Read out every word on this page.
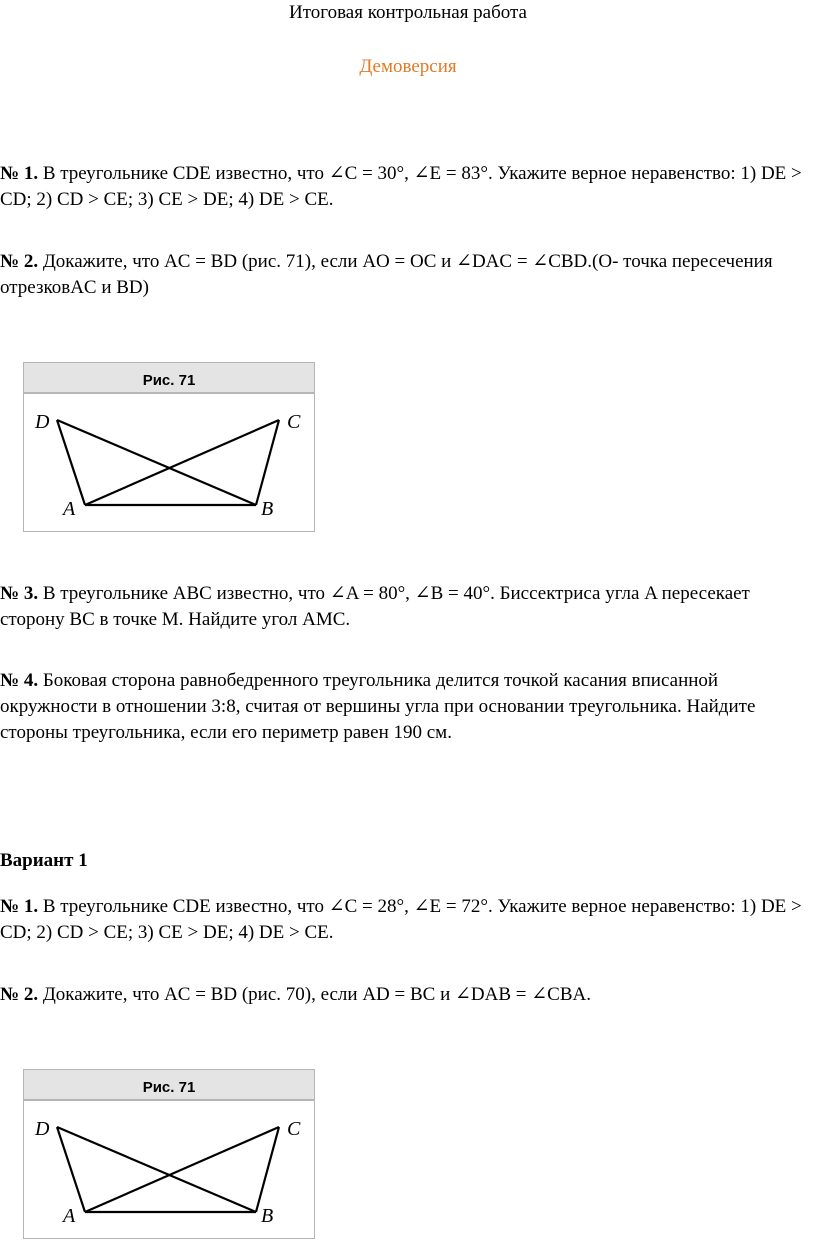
Итоговая контрольная работа
Демоверсия

№ 1. В треугольнике CDE известно, что ∠C = 30°, ∠E = 83°. Укажите верное неравенство: 1) DE > CD; 2) CD > CE; 3) CE > DE; 4) DE > CE.

№ 2. Докажите, что AC = BD (рис. 71), если AO = OC и ∠DAC = ∠CBD.(O- точка пересечения отрезковAC и BD)

Рис. 71
D	C
A	B

№ 3. В треугольнике ABC известно, что ∠A = 80°, ∠B = 40°. Биссектриса угла A пересекает сторону BC в точке M. Найдите угол AMC.

№ 4. Боковая сторона равнобедренного треугольника делится точкой касания вписанной окружности в отношении 3:8, считая от вершины угла при основании треугольника. Найдите стороны треугольника, если его периметр равен 190 см.

Вариант 1

№ 1. В треугольнике CDE известно, что ∠C = 28°, ∠E = 72°. Укажите верное неравенство: 1) DE > CD; 2) CD > CE; 3) CE > DE; 4) DE > CE.

№ 2. Докажите, что AC = BD (рис. 70), если AD = BC и ∠DAB = ∠CBA.

Рис. 71
D	C
A	B
